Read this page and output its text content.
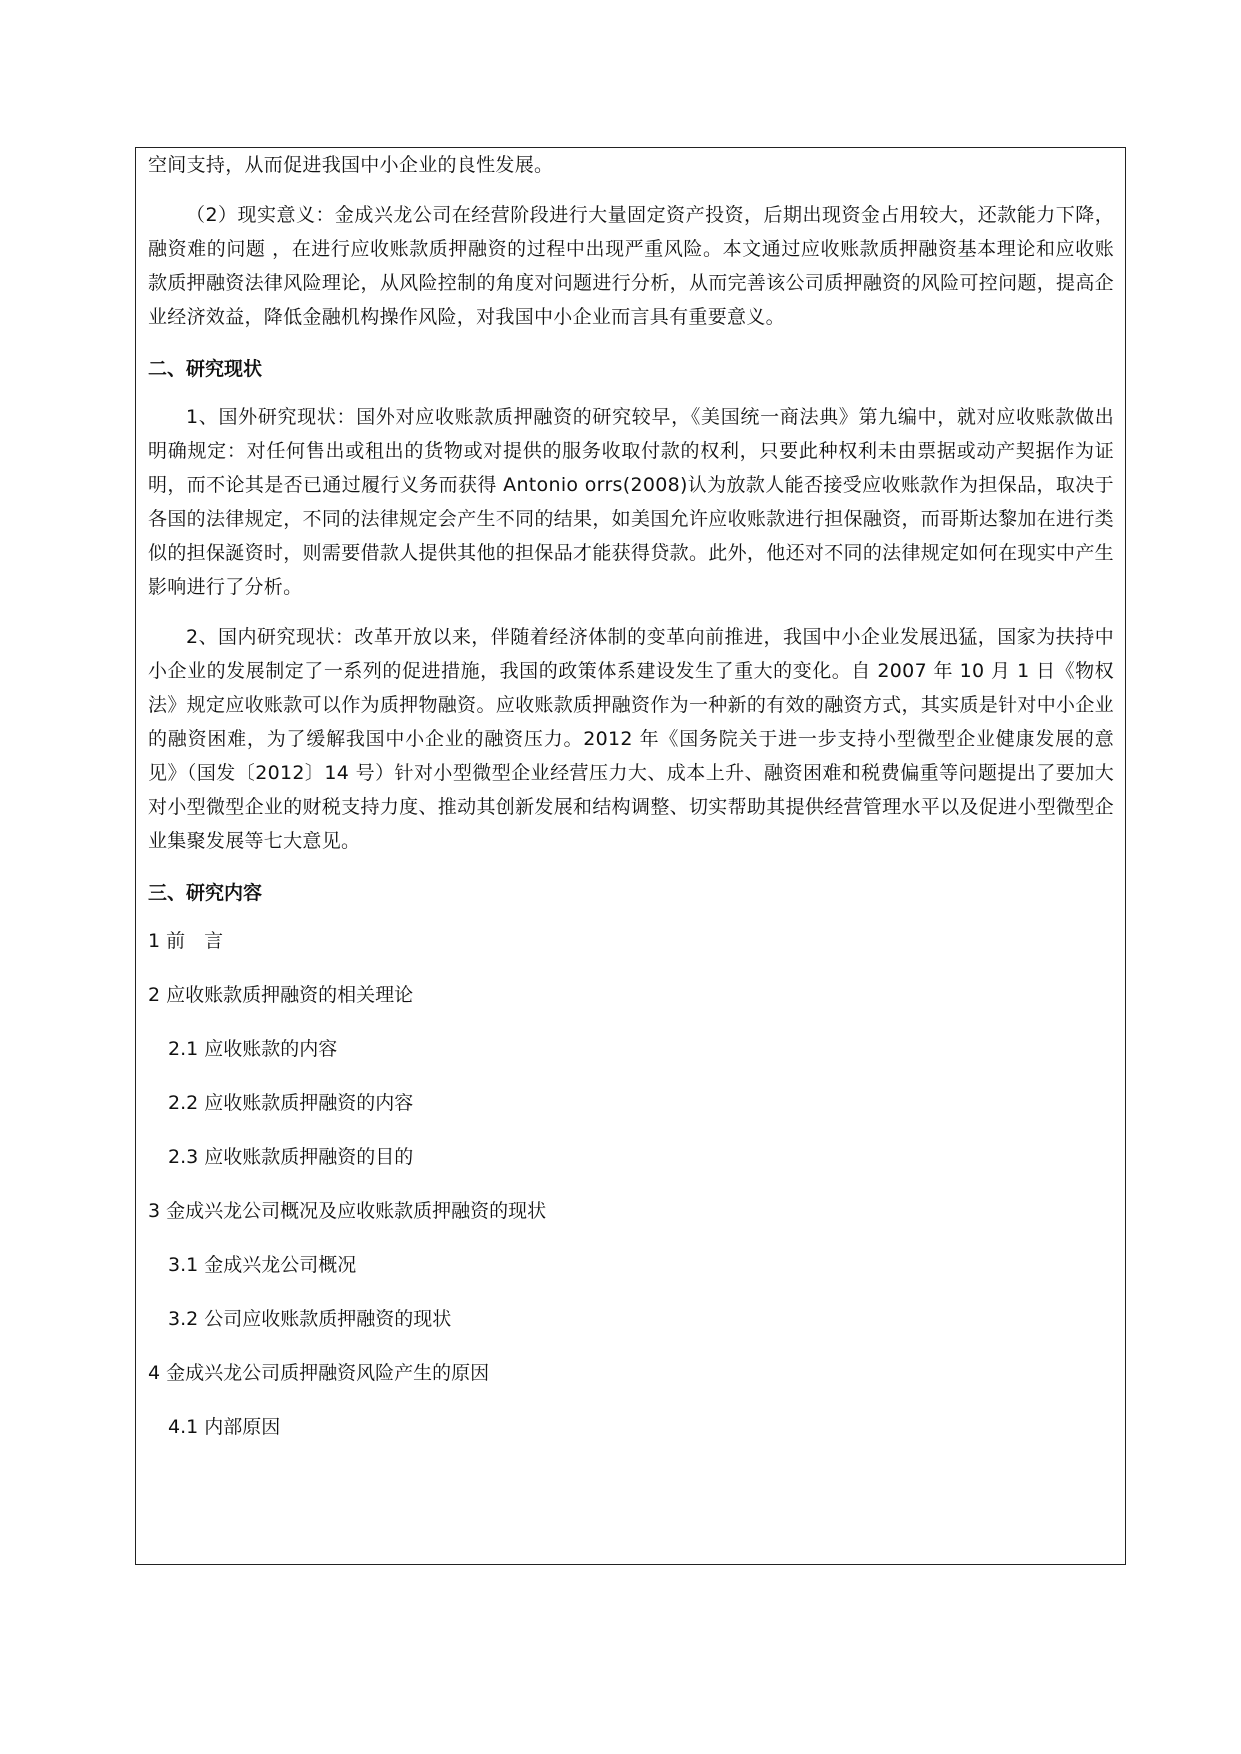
空间支持，从而促进我国中小企业的良性发展。

（2）现实意义：金成兴龙公司在经营阶段进行大量固定资产投资，后期出现资金占用较大，还款能力下降，融资难的问题 ，在进行应收账款质押融资的过程中出现严重风险。本文通过应收账款质押融资基本理论和应收账款质押融资法律风险理论，从风险控制的角度对问题进行分析，从而完善该公司质押融资的风险可控问题，提高企业经济效益，降低金融机构操作风险，对我国中小企业而言具有重要意义。

二、研究现状

1、国外研究现状：国外对应收账款质押融资的研究较早，《美国统一商法典》第九编中，就对应收账款做出明确规定：对任何售出或租出的货物或对提供的服务收取付款的权利，只要此种权利未由票据或动产契据作为证明，而不论其是否已通过履行义务而获得 Antonio orrs(2008)认为放款人能否接受应收账款作为担保品，取决于各国的法律规定，不同的法律规定会产生不同的结果，如美国允许应收账款进行担保融资，而哥斯达黎加在进行类似的担保誕资时，则需要借款人提供其他的担保品才能获得贷款。此外，他还对不同的法律规定如何在现实中产生影响进行了分析。

2、国内研究现状：改革开放以来，伴随着经济体制的变革向前推进，我国中小企业发展迅猛，国家为扶持中小企业的发展制定了一系列的促进措施，我国的政策体系建设发生了重大的变化。自 2007 年 10 月 1 日《物权法》规定应收账款可以作为质押物融资。应收账款质押融资作为一种新的有效的融资方式，其实质是针对中小企业的融资困难，为了缓解我国中小企业的融资压力。2012 年《国务院关于进一步支持小型微型企业健康发展的意见》（国发〔2012〕14 号）针对小型微型企业经营压力大、成本上升、融资困难和税费偏重等问题提出了要加大对小型微型企业的财税支持力度、推动其创新发展和结构调整、切实帮助其提供经营管理水平以及促进小型微型企业集聚发展等七大意见。

三、研究内容
1 前　言
2 应收账款质押融资的相关理论
2.1 应收账款的内容
2.2 应收账款质押融资的内容
2.3 应收账款质押融资的目的
3 金成兴龙公司概况及应收账款质押融资的现状
3.1 金成兴龙公司概况
3.2 公司应收账款质押融资的现状
4 金成兴龙公司质押融资风险产生的原因
4.1 内部原因
